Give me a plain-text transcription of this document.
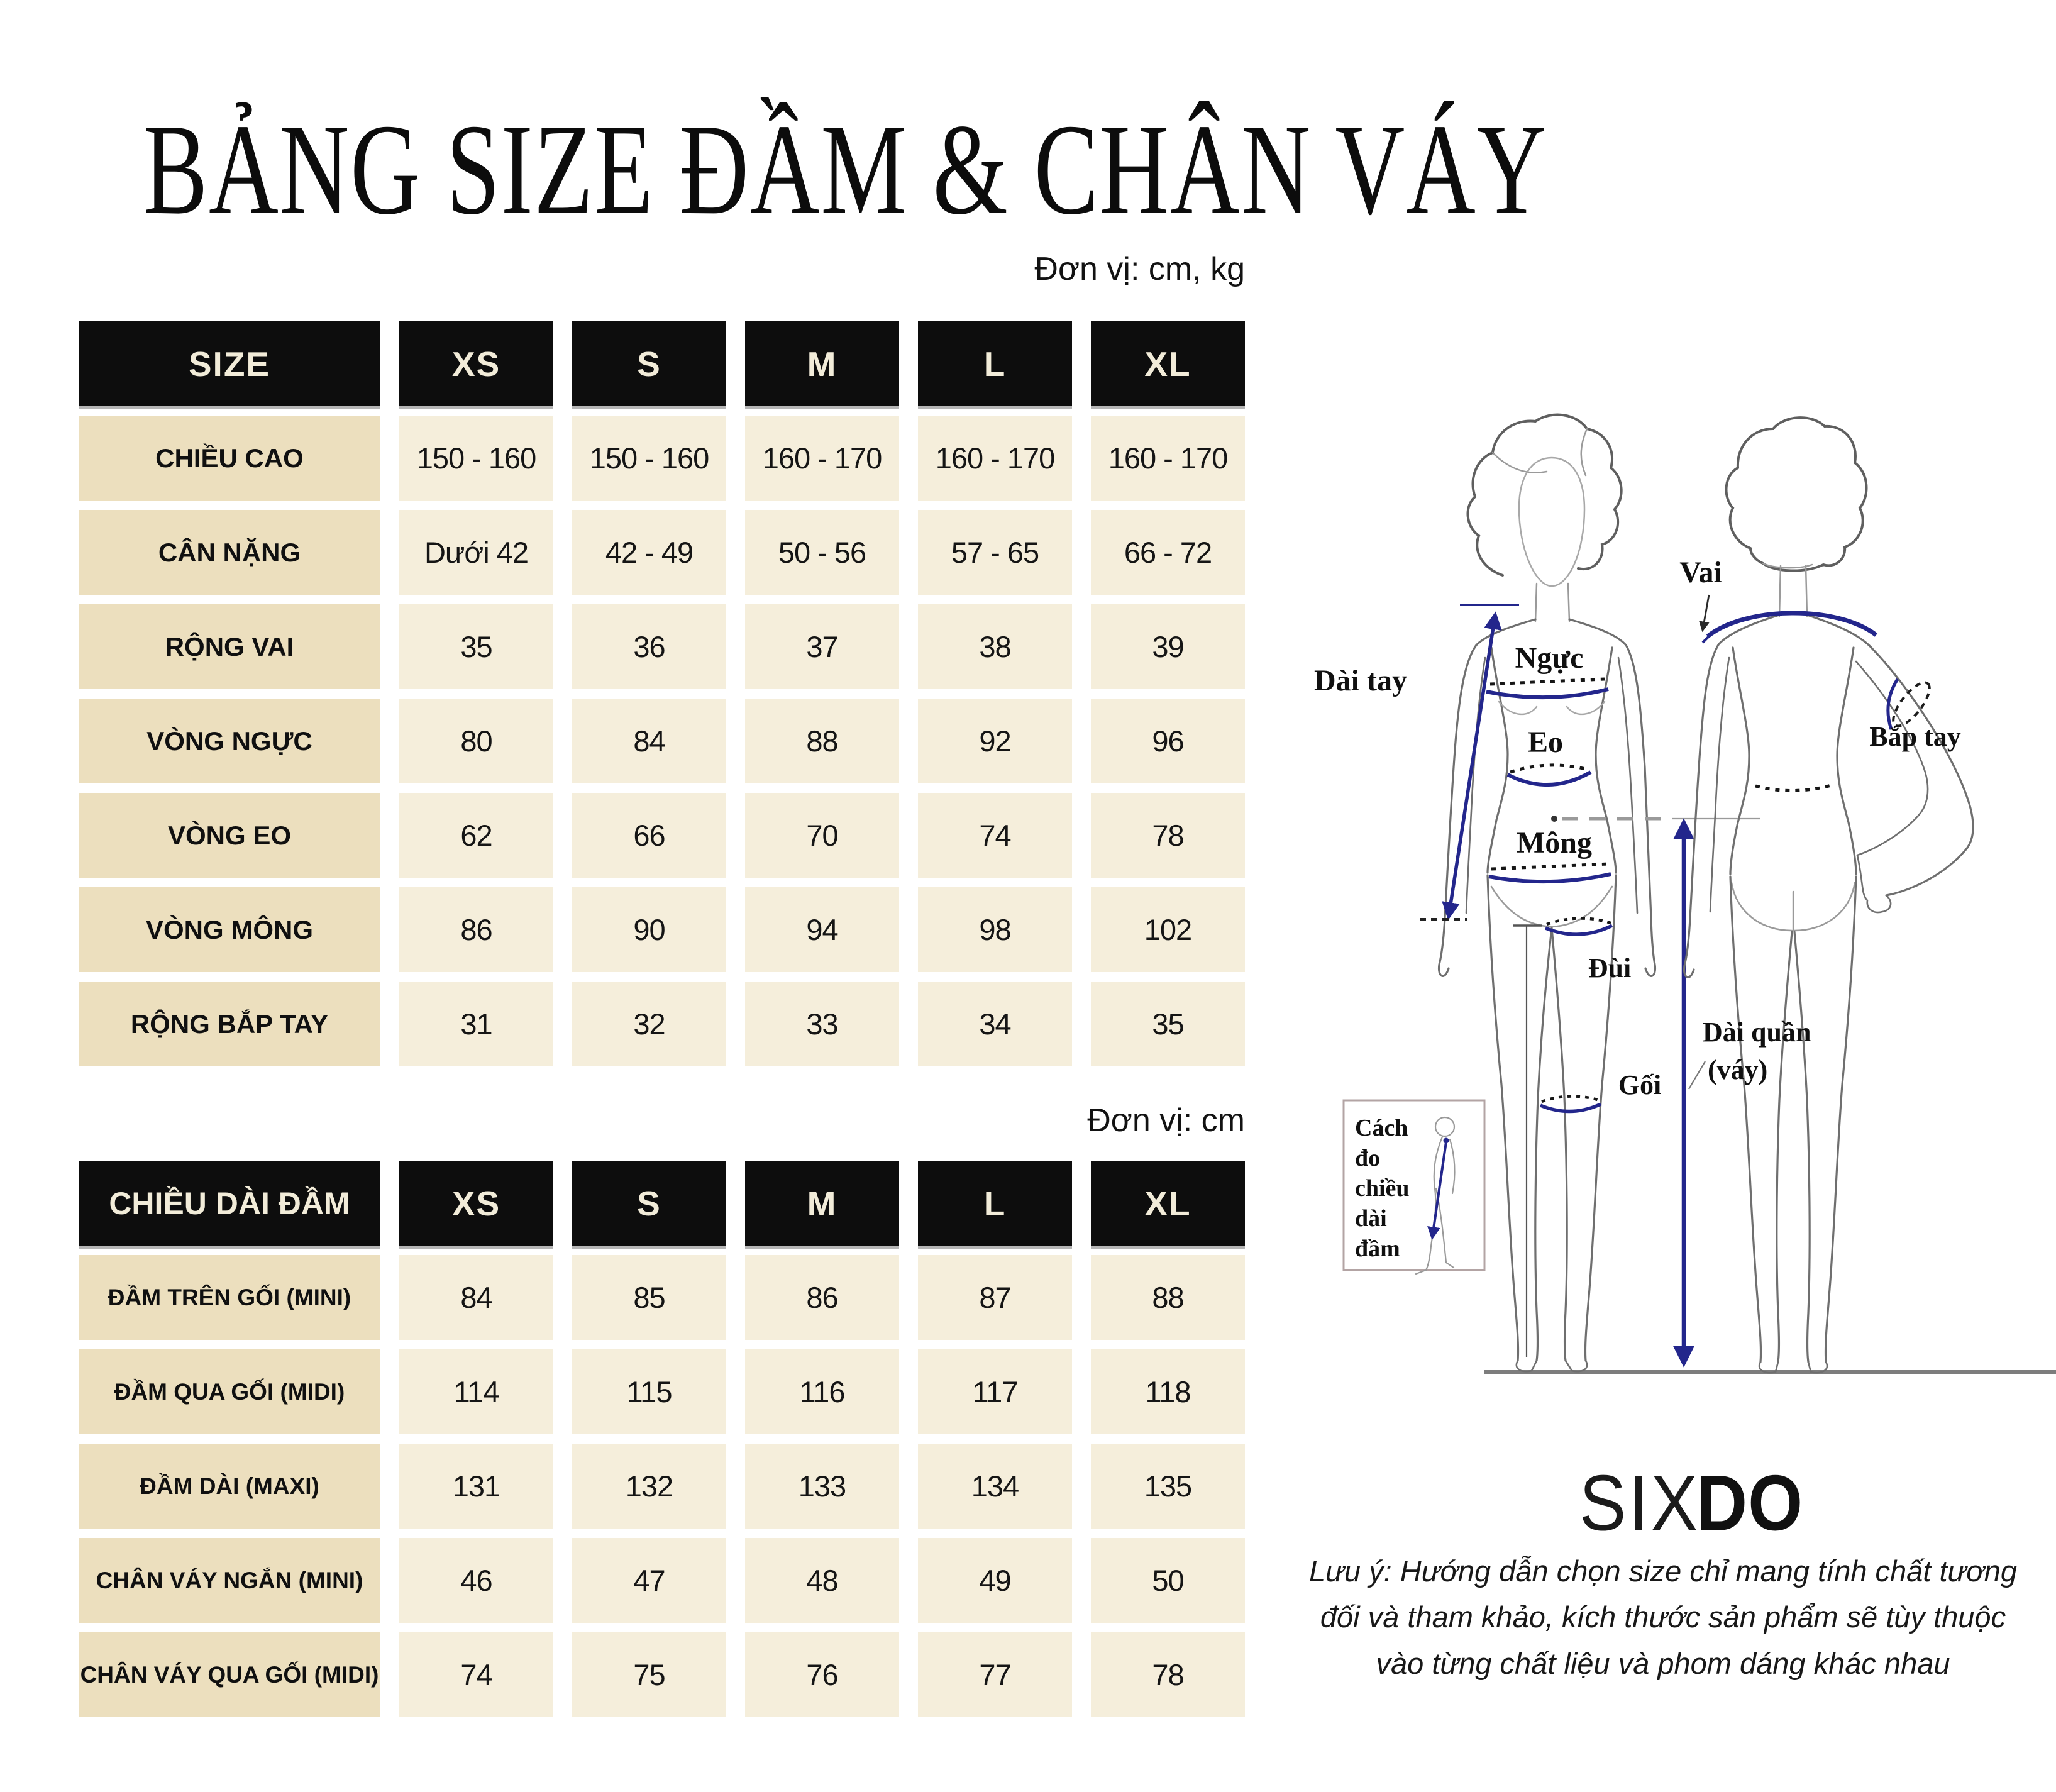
BẢNG SIZE ĐẦM & CHÂN VÁY
Đơn vị: cm, kg
SIZE	XS	S	M	L	XL
CHIỀU CAO	150 - 160	150 - 160	160 - 170	160 - 170	160 - 170
CÂN NẶNG	Dưới 42	42 - 49	50 - 56	57 - 65	66 - 72
RỘNG VAI	35	36	37	38	39
VÒNG NGỰC	80	84	88	92	96
VÒNG EO	62	66	70	74	78
VÒNG MÔNG	86	90	94	98	102
RỘNG BẮP TAY	31	32	33	34	35
Đơn vị: cm
CHIỀU DÀI ĐẦM	XS	S	M	L	XL
ĐẦM TRÊN GỐI (MINI)	84	85	86	87	88
ĐẦM QUA GỐI (MIDI)	114	115	116	117	118
ĐẦM DÀI (MAXI)	131	132	133	134	135
CHÂN VÁY NGẮN (MINI)	46	47	48	49	50
CHÂN VÁY QUA GỐI (MIDI)	74	75	76	77	78
Cách
đo
chiều
dài
đầm
Vai
Ngực
Eo
Mông
Đùi
Gối
Dài tay
Bắp tay
Dài quần
(váy)
SIXDO
Lưu ý: Hướng dẫn chọn size chỉ mang tính chất tương
đối và tham khảo, kích thước sản phẩm sẽ tùy thuộc
vào từng chất liệu và phom dáng khác nhau
